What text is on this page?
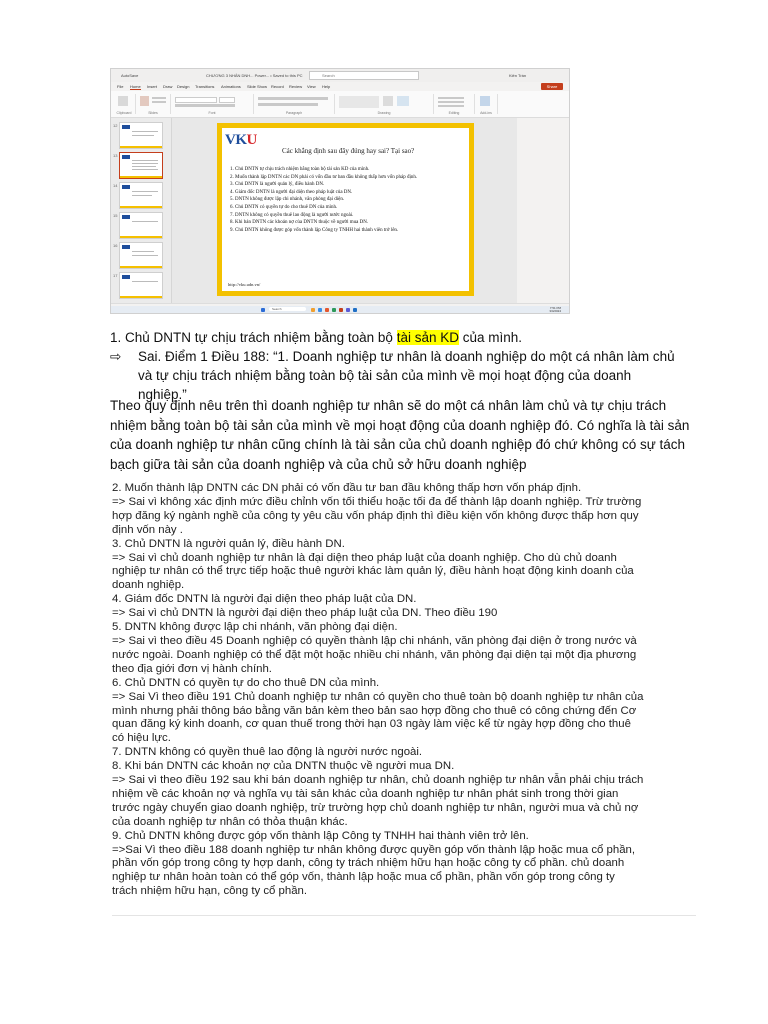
AutoSave	CHƯƠNG 3 NHÂN DNH... Power... • Saved to this PC	Search	Kiên Trần
File Home Insert Draw Design Transitions Animations Slide Show Record Review View Help	Share
Clipboard	Slides	Font	Paragraph	Drawing	Editing	Add-ins
12
13
14
15
16
17
VKU
Các khẳng định sau đây đúng hay sai? Tại sao?
1. Chủ DNTN tự chịu trách nhiệm bằng toàn bộ tài sản KD của mình.
2. Muốn thành lập DNTN các DN phải có vốn đầu tư ban đầu không thấp hơn vốn pháp định.
3. Chủ DNTN là người quản lý, điều hành DN.
4. Giám đốc DNTN là người đại diện theo pháp luật của DN.
5. DNTN không được lập chi nhánh, văn phòng đại diện.
6. Chủ DNTN có quyền tự do cho thuê DN của mình.
7. DNTN không có quyền thuê lao động là người nước ngoài.
8. Khi bán DNTN các khoản nợ của DNTN thuộc về người mua DN.
9. Chủ DNTN không được góp vốn thành lập Công ty TNHH hai thành viên trở lên.
http://vku.udn.vn/
Search	7:51 PM
3/4/2024
1. Chủ DNTN tự chịu trách nhiệm bằng toàn bộ tài sản KD của mình.
⇨	Sai. Điểm 1 Điều 188: “1. Doanh nghiệp tư nhân là doanh nghiệp do một cá nhân làm chủ và tự chịu trách nhiệm bằng toàn bộ tài sản của mình về mọi hoạt động của doanh nghiệp.”
Theo quy định nêu trên thì doanh nghiệp tư nhân sẽ do một cá nhân làm chủ và tự chịu trách nhiệm bằng toàn bộ tài sản của mình về mọi hoạt động của doanh nghiệp đó. Có nghĩa là tài sản của doanh nghiệp tư nhân cũng chính là tài sản của chủ doanh nghiệp đó chứ không có sự tách bạch giữa tài sản của doanh nghiệp và của chủ sở hữu doanh nghiệp

2. Muốn thành lập DNTN các DN phải có vốn đầu tư ban đầu không thấp hơn vốn pháp định.

=> Sai vì không xác định mức điều chỉnh vốn tối thiểu hoặc tối đa để thành lập doanh nghiệp. Trừ trường

hợp đăng ký ngành nghề của công ty yêu cầu vốn pháp định thì điều kiện vốn không được thấp hơn quy

định vốn này .

3. Chủ DNTN là người quản lý, điều hành DN.

=> Sai vì chủ doanh nghiệp tư nhân là đại diện theo pháp luật của doanh nghiệp. Cho dù chủ doanh

nghiệp tư nhân có thể trực tiếp hoặc thuê người khác làm quản lý, điều hành hoạt động kinh doanh của

doanh nghiệp.

4. Giám đốc DNTN là người đại diện theo pháp luật của DN.

=> Sai vì chủ DNTN là người đại diện theo pháp luật của DN. Theo điều 190

5. DNTN không được lập chi nhánh, văn phòng đại diện.

=> Sai vì theo điều 45 Doanh nghiệp có quyền thành lập chi nhánh, văn phòng đại diện ở trong nước và

nước ngoài. Doanh nghiệp có thể đặt một hoặc nhiều chi nhánh, văn phòng đại diện tại một địa phương

theo địa giới đơn vị hành chính.

6. Chủ DNTN có quyền tự do cho thuê DN của mình.

=> Sai Vì theo điều 191 Chủ doanh nghiệp tư nhân có quyền cho thuê toàn bộ doanh nghiệp tư nhân của

mình nhưng phải thông báo bằng văn bản kèm theo bản sao hợp đồng cho thuê có công chứng đến Cơ

quan đăng ký kinh doanh, cơ quan thuế trong thời hạn 03 ngày làm việc kể từ ngày hợp đồng cho thuê

có hiệu lực.

7. DNTN không có quyền thuê lao động là người nước ngoài.

8. Khi bán DNTN các khoản nợ của DNTN thuộc về người mua DN.

=> Sai vì theo điều 192 sau khi bán doanh nghiệp tư nhân, chủ doanh nghiệp tư nhân vẫn phải chịu trách

nhiệm về các khoản nợ và nghĩa vụ tài sản khác của doanh nghiệp tư nhân phát sinh trong thời gian

trước ngày chuyển giao doanh nghiệp, trừ trường hợp chủ doanh nghiệp tư nhân, người mua và chủ nợ

của doanh nghiệp tư nhân có thỏa thuận khác.

9. Chủ DNTN không được góp vốn thành lập Công ty TNHH hai thành viên trở lên.

=>Sai Vì theo điều 188 doanh nghiệp tư nhân không được quyền góp vốn thành lập hoặc mua cổ phần,

phần vốn góp trong công ty hợp danh, công ty trách nhiệm hữu hạn hoặc công ty cổ phần. chủ doanh

nghiệp tư nhân hoàn toàn có thể góp vốn, thành lập hoặc mua cổ phần, phần vốn góp trong công ty

trách nhiệm hữu hạn, công ty cổ phần.
